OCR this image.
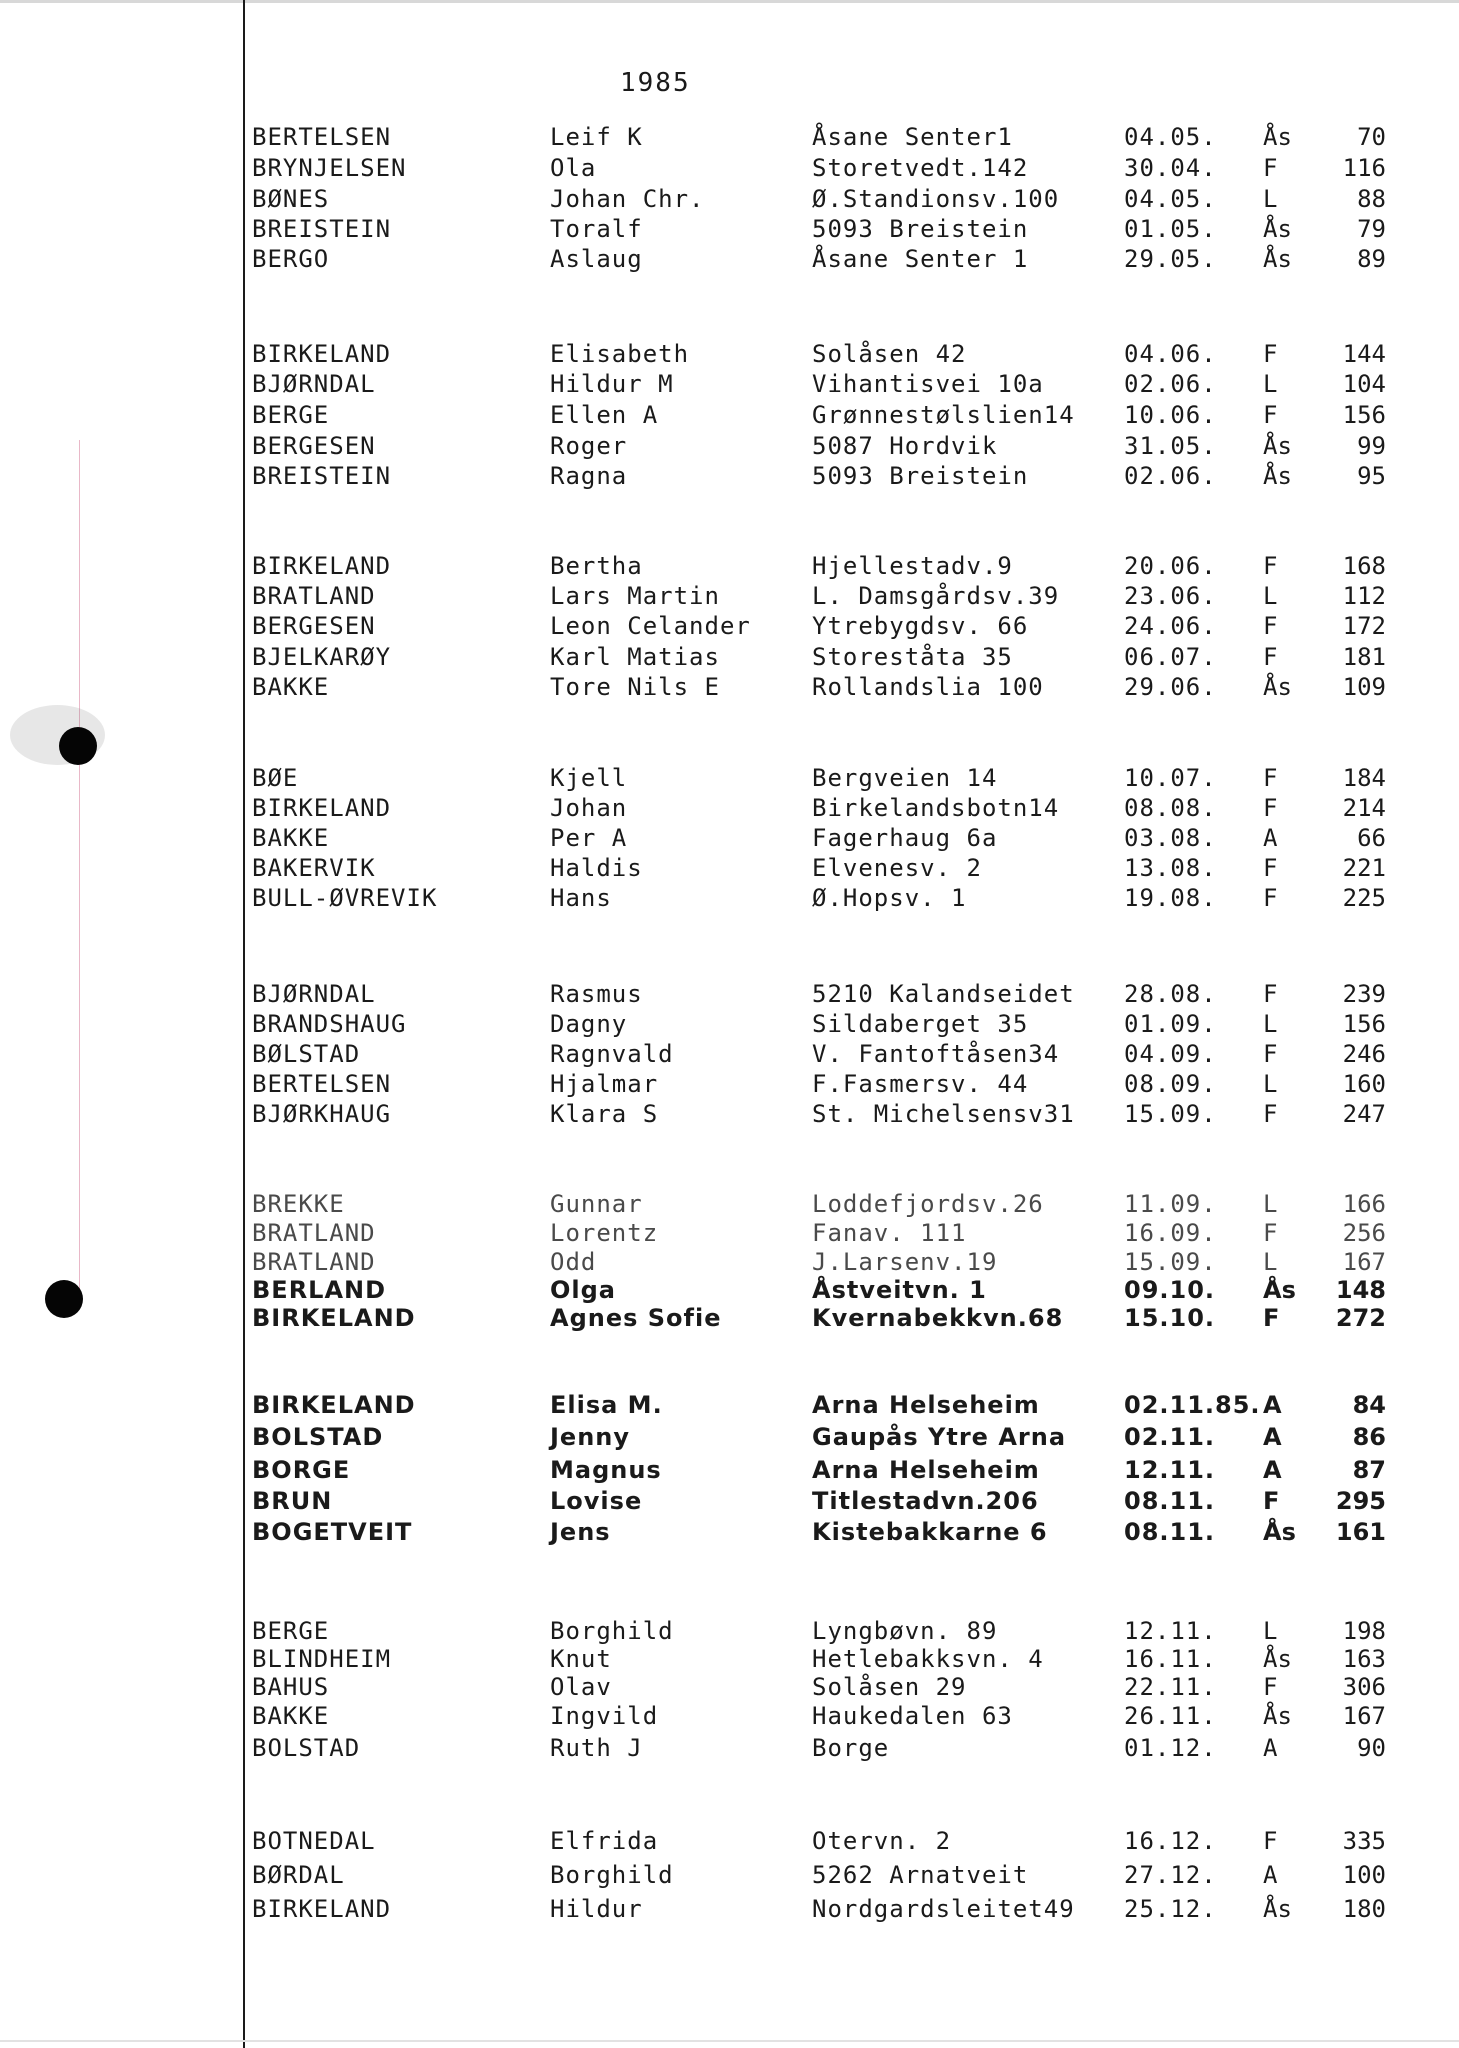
1985
BERTELSEN	Leif K	Åsane Senter1	04.05. Ås	70
BRYNJELSEN	Ola	Storetvedt.142	30.04. F	116
BØNES	Johan Chr.	Ø.Standionsv.100	04.05. L	88
BREISTEIN	Toralf	5093 Breistein	01.05. Ås	79
BERGO	Aslaug	Åsane Senter 1	29.05. Ås	89
BIRKELAND	Elisabeth	Solåsen 42	04.06. F	144
BJØRNDAL	Hildur M	Vihantisvei 10a	02.06. L	104
BERGE	Ellen A	Grønnestølslien14 10.06. F	156
BERGESEN	Roger	5087 Hordvik	31.05. Ås	99
BREISTEIN	Ragna	5093 Breistein	02.06. Ås	95
BIRKELAND	Bertha	Hjellestadv.9	20.06. F	168
BRATLAND	Lars Martin	L. Damsgårdsv.39	23.06. L	112
BERGESEN	Leon Celander	Ytrebygdsv. 66	24.06. F	172
BJELKARØY	Karl Matias	Storeståta 35	06.07. F	181
BAKKE	Tore Nils E	Rollandslia 100	29.06. Ås	109
BØE	Kjell	Bergveien 14	10.07. F	184
BIRKELAND	Johan	Birkelandsbotn14	08.08. F	214
BAKKE	Per A	Fagerhaug 6a	03.08. A	66
BAKERVIK	Haldis	Elvenesv. 2	13.08. F	221
BULL-ØVREVIK	Hans	Ø.Hopsv. 1	19.08. F	225
BJØRNDAL	Rasmus	5210 Kalandseidet 28.08. F	239
BRANDSHAUG	Dagny	Sildaberget 35	01.09. L	156
BØLSTAD	Ragnvald	V. Fantoftåsen34	04.09. F	246
BERTELSEN	Hjalmar	F.Fasmersv. 44	08.09. L	160
BJØRKHAUG	Klara S	St. Michelsensv31 15.09. F	247
BREKKE	Gunnar	Loddefjordsv.26	11.09. L	166
BRATLAND	Lorentz	Fanav. 111	16.09. F	256
BRATLAND	Odd	J.Larsenv.19	15.09. L	167
BERLAND	Olga	Åstveitvn. 1	09.10. Ås	148
BIRKELAND	Agnes Sofie	Kvernabekkvn.68	15.10. F	272
BIRKELAND	Elisa M.	Arna Helseheim	02.11.85. A	84
BOLSTAD	Jenny	Gaupås Ytre Arna 02.11. A	86
BORGE	Magnus	Arna Helseheim	12.11. A	87
BRUN	Lovise	Titlestadvn.206	08.11. F	295
BOGETVEIT	Jens	Kistebakkarne 6	08.11. Ås	161
BERGE	Borghild	Lyngbøvn. 89	12.11. L	198
BLINDHEIM	Knut	Hetlebakksvn. 4	16.11. Ås	163
BAHUS	Olav	Solåsen 29	22.11. F	306
BAKKE	Ingvild	Haukedalen 63	26.11. Ås	167
BOLSTAD	Ruth J	Borge	01.12. A	90
BOTNEDAL	Elfrida	Otervn. 2	16.12. F	335
BØRDAL	Borghild	5262 Arnatveit	27.12. A	100
BIRKELAND	Hildur	Nordgardsleitet49 25.12. Ås	180
